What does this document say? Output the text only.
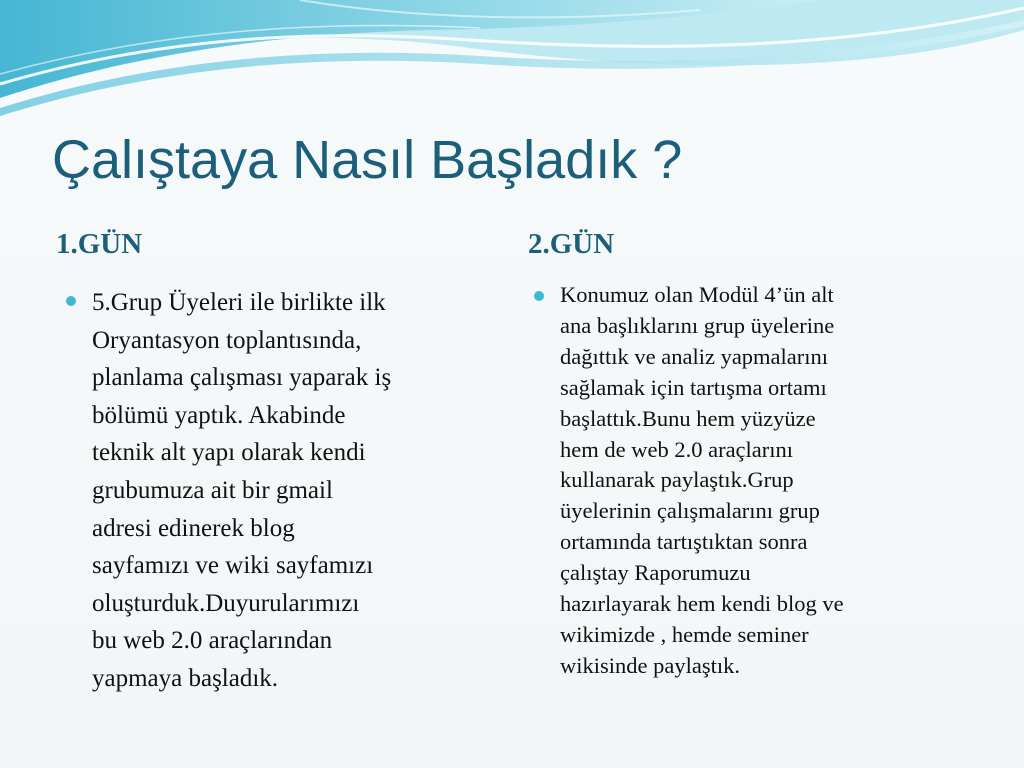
Çalıştaya Nasıl Başladık ?
1.GÜN	2.GÜN
5.Grup Üyeleri ile birlikte ilk
Oryantasyon toplantısında,
planlama çalışması yaparak iş
bölümü yaptık. Akabinde
teknik alt yapı olarak kendi
grubumuza ait bir gmail
adresi edinerek blog
sayfamızı ve wiki sayfamızı
oluşturduk.Duyurularımızı
bu web 2.0 araçlarından
yapmaya başladık.
Konumuz olan Modül 4’ün alt
ana başlıklarını grup üyelerine
dağıttık ve analiz yapmalarını
sağlamak için tartışma ortamı
başlattık.Bunu hem yüzyüze
hem de web 2.0 araçlarını
kullanarak paylaştık.Grup
üyelerinin çalışmalarını grup
ortamında tartıştıktan sonra
çalıştay Raporumuzu
hazırlayarak hem kendi blog ve
wikimizde , hemde seminer
wikisinde paylaştık.
